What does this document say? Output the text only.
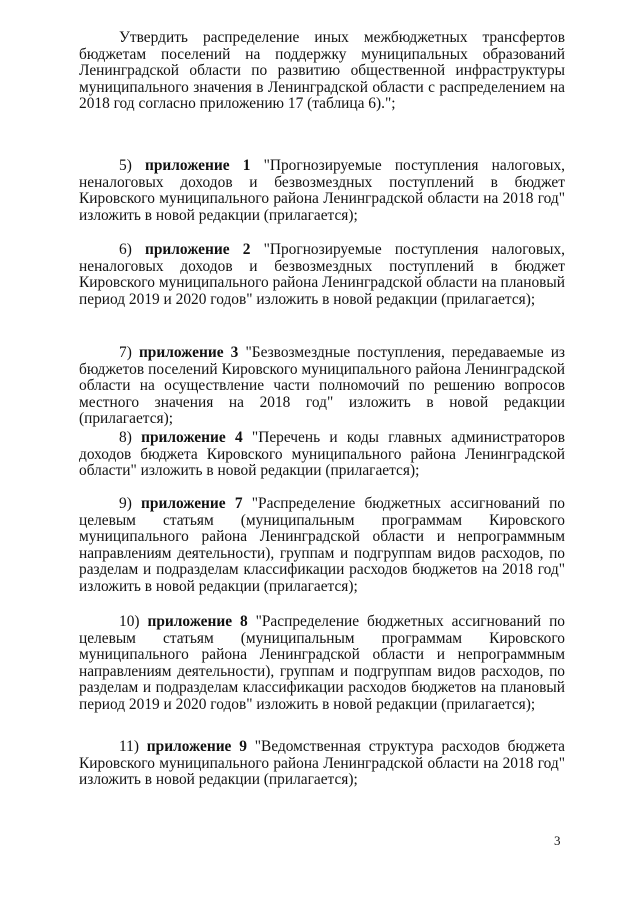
Утвердить распределение иных межбюджетных трансфертов бюджетам поселений на поддержку муниципальных образований Ленинградской области по развитию общественной инфраструктуры муниципального значения в Ленинградской области с распределением на 2018 год согласно приложению 17 (таблица 6).";

5) приложение 1 "Прогнозируемые поступления налоговых, неналоговых доходов и безвозмездных поступлений в бюджет Кировского муниципального района Ленинградской области на 2018 год" изложить в новой редакции (прилагается);

6) приложение 2 "Прогнозируемые поступления налоговых, неналоговых доходов и безвозмездных поступлений в бюджет Кировского муниципального района Ленинградской области на плановый период 2019 и 2020 годов" изложить в новой редакции (прилагается);

7) приложение 3 "Безвозмездные поступления, передаваемые из бюджетов поселений Кировского муниципального района Ленинградской области на осуществление части полномочий по решению вопросов местного значения на 2018 год" изложить в новой редакции (прилагается);

8) приложение 4 "Перечень и коды главных администраторов доходов бюджета Кировского муниципального района Ленинградской области" изложить в новой редакции (прилагается);

9) приложение 7 "Распределение бюджетных ассигнований по целевым статьям (муниципальным программам Кировского муниципального района Ленинградской области и непрограммным направлениям деятельности), группам и подгруппам видов расходов, по разделам и подразделам классификации расходов бюджетов на 2018 год" изложить в новой редакции (прилагается);

10) приложение 8 "Распределение бюджетных ассигнований по целевым статьям (муниципальным программам Кировского муниципального района Ленинградской области и непрограммным направлениям деятельности), группам и подгруппам видов расходов, по разделам и подразделам классификации расходов бюджетов на плановый период 2019 и 2020 годов" изложить в новой редакции (прилагается);

11) приложение 9 "Ведомственная структура расходов бюджета Кировского муниципального района Ленинградской области на 2018 год" изложить в новой редакции (прилагается);

3
